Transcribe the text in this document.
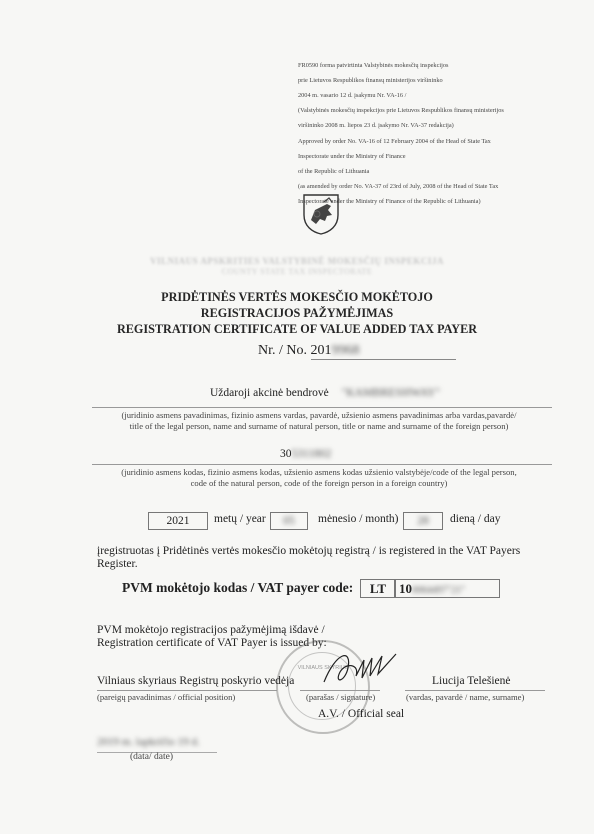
FR0590 forma patvirtinta Valstybinės mokesčių inspekcijos

prie Lietuvos Respublikos finansų ministerijos viršininko

2004 m. vasario 12 d. įsakymu Nr. VA-16 /

(Valstybinės mokesčių inspekcijos prie Lietuvos Respublikos finansų ministerijos

viršininko 2008 m. liepos 23 d. įsakymo Nr. VA-37 redakcija)

Approved by order No. VA-16 of 12 February 2004 of the Head of State Tax

Inspectorate under the Ministry of Finance

of the Republic of Lithuania

(as amended by order No. VA-37 of 23rd of July, 2008 of the Head of State Tax

Inspectorate under the Ministry of Finance of the Republic of Lithuania)

VILNIAUS APSKRITIES VALSTYBINĖ MOKESČIŲ INSPEKCIJA
COUNTY STATE TAX INSPECTORATE
PRIDĖTINĖS VERTĖS MOKESČIO MOKĖTOJO
REGISTRACIJOS PAŽYMĖJIMAS
REGISTRATION CERTIFICATE OF VALUE ADDED TAX PAYER
Nr. / No. 2019968
Uždaroji akcinė bendrovė "KAMBRESHWAY"
(juridinio asmens pavadinimas, fizinio asmens vardas, pavardė, užsienio asmens pavadinimas arba vardas,pavardė/
title of the legal person, name and surname of natural person, title or name and surname of the foreign person)
305311802
(juridinio asmens kodas, fizinio asmens kodas, užsienio asmens kodas užsienio valstybėje/code of the legal person,
code of the natural person, code of the foreign person in a foreign country)
2021	metų / year	05	mėnesio / month)	28	dieną / day
įregistruotas į Pridėtinės vertės mokesčio mokėtojų registrą / is registered in the VAT Payers
Register.
PVM mokėtojo kodas / VAT payer code:	LT 100064497"21"
PVM mokėtojo registracijos pažymėjimą išdavė /
Registration certificate of VAT Payer is issued by:
VILNIAUS SKYRIUS
Vilniaus skyriaus Registrų poskyrio vedėja
(pareigų pavadinimas / official position)	(parašas / signature)
Liucija Telešienė
(vardas, pavardė / name, surname)
A.V. / Official seal
2019 m. lapkričio 19 d.
(data/ date)
